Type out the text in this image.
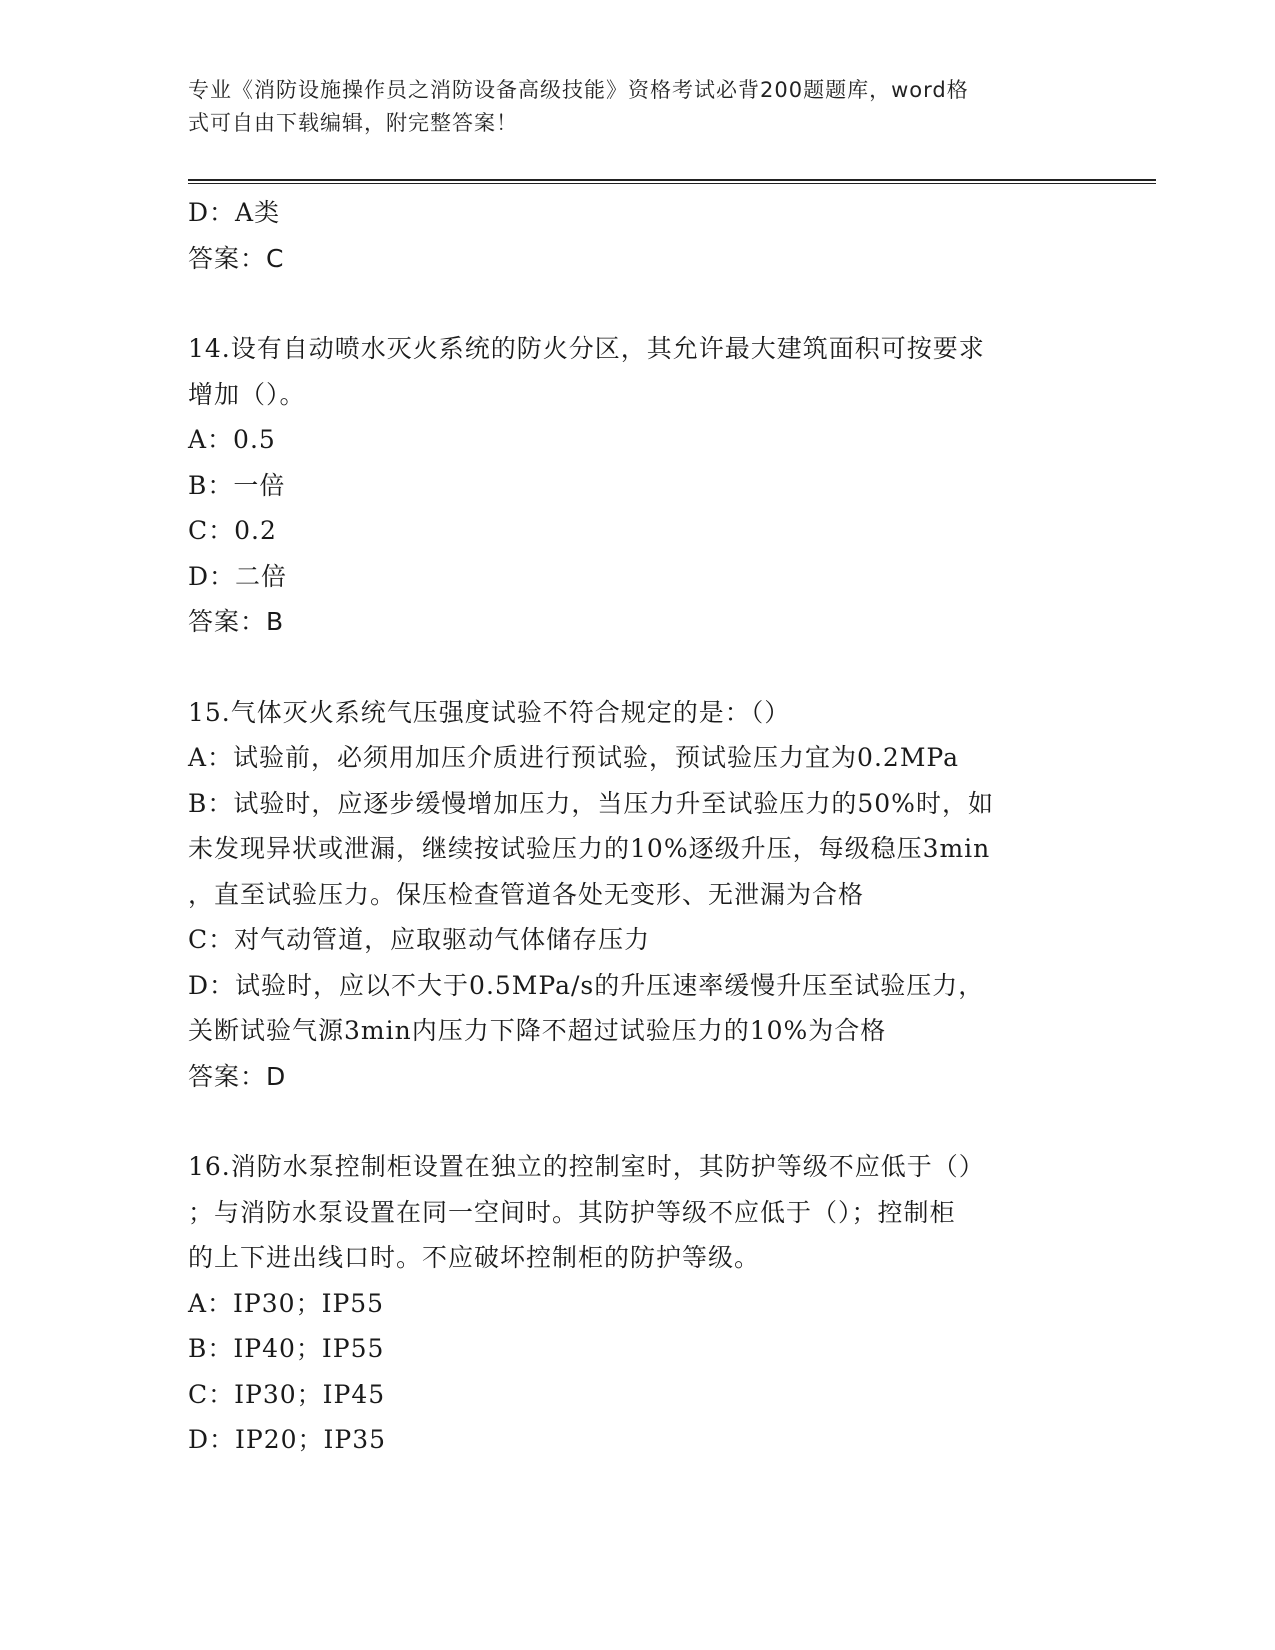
专业《消防设施操作员之消防设备高级技能》资格考试必背200题题库，word格
式可自由下载编辑，附完整答案！
D：A类
答案：C
14.设有自动喷水灭火系统的防火分区，其允许最大建筑面积可按要求
增加（）。
A：0.5
B：一倍
C：0.2
D：二倍
答案：B
15.气体灭火系统气压强度试验不符合规定的是：（）
A：试验前，必须用加压介质进行预试验，预试验压力宜为0.2MPa
B：试验时，应逐步缓慢增加压力，当压力升至试验压力的50%时，如
未发现异状或泄漏，继续按试验压力的10%逐级升压，每级稳压3min
，直至试验压力。保压检查管道各处无变形、无泄漏为合格
C：对气动管道，应取驱动气体储存压力
D：试验时，应以不大于0.5MPa/s的升压速率缓慢升压至试验压力，
关断试验气源3min内压力下降不超过试验压力的10%为合格
答案：D
16.消防水泵控制柜设置在独立的控制室时，其防护等级不应低于（）
；与消防水泵设置在同一空间时。其防护等级不应低于（）；控制柜
的上下进出线口时。不应破坏控制柜的防护等级。
A：IP30；IP55
B：IP40；IP55
C：IP30；IP45
D：IP20；IP35
